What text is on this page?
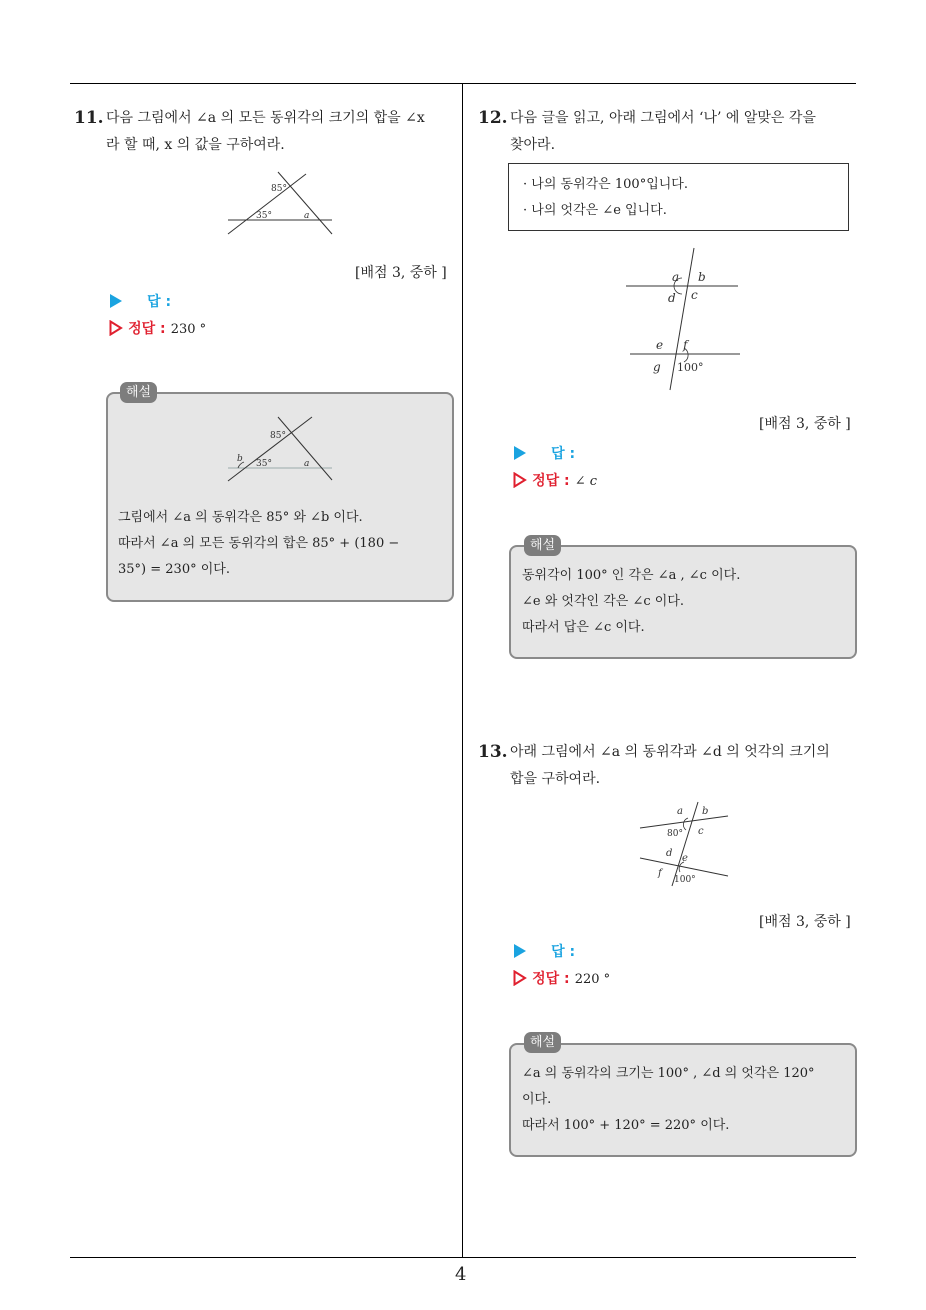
4
11. 다음 그림에서 ∠a 의 모든 동위각의 크기의 합을 ∠x
라 할 때, x 의 값을 구하여라.
85°
35°	a
[배점 3, 중하 ]
답 :
정답 : 230 °
해설
85°
35°
b	a
그림에서 ∠a 의 동위각은 85° 와 ∠b 이다.
따라서 ∠a 의 모든 동위각의 합은 85° + (180 −
35°) = 230° 이다.
12. 다음 글을 읽고, 아래 그림에서 ‘나’ 에 알맞은 각을
찾아라.
· 나의 동위각은 100°입니다.
· 나의 엇각은 ∠e 입니다.
a b
d c
e f
g 100°
[배점 3, 중하 ]
답 :
정답 : ∠ c
해설
동위각이 100° 인 각은 ∠a , ∠c 이다.
∠e 와 엇각인 각은 ∠c 이다.
따라서 답은 ∠c 이다.
13. 아래 그림에서 ∠a 의 동위각과 ∠d 의 엇각의 크기의
합을 구하여라.
a b
80° c
d e
f
100°
[배점 3, 중하 ]
답 :
정답 : 220 °
해설
∠a 의 동위각의 크기는 100° , ∠d 의 엇각은 120°
이다.
따라서 100° + 120° = 220° 이다.
